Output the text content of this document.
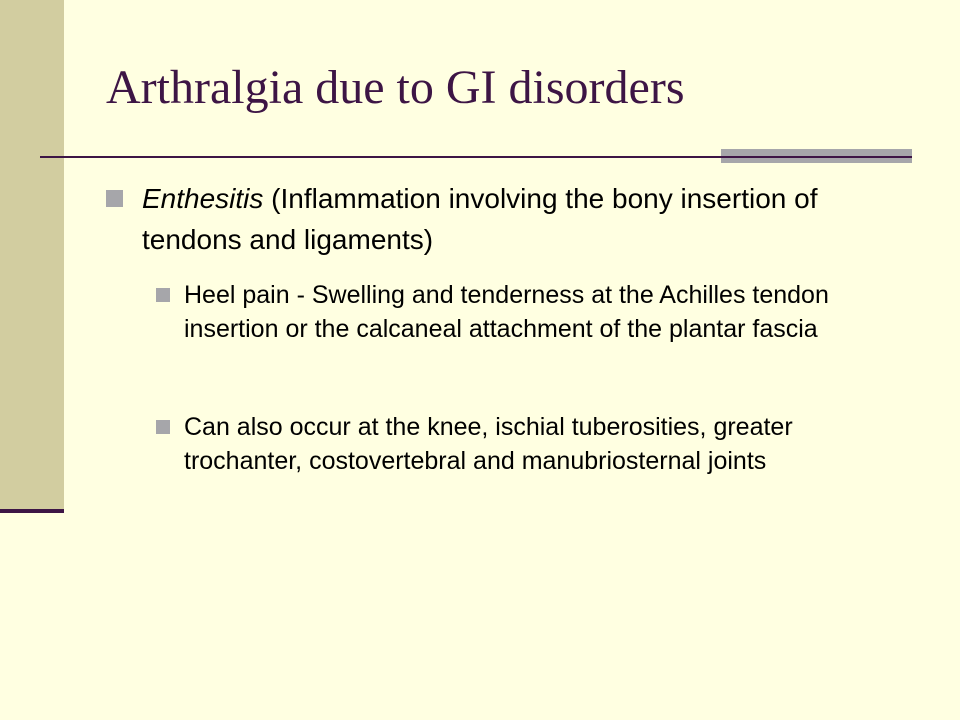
Arthralgia due to GI disorders
Enthesitis (Inflammation involving the bony insertion of tendons and ligaments)
Heel pain - Swelling and tenderness at the Achilles tendon insertion or the calcaneal attachment of the plantar fascia
Can also occur at the knee, ischial tuberosities, greater trochanter, costovertebral and manubriosternal joints
